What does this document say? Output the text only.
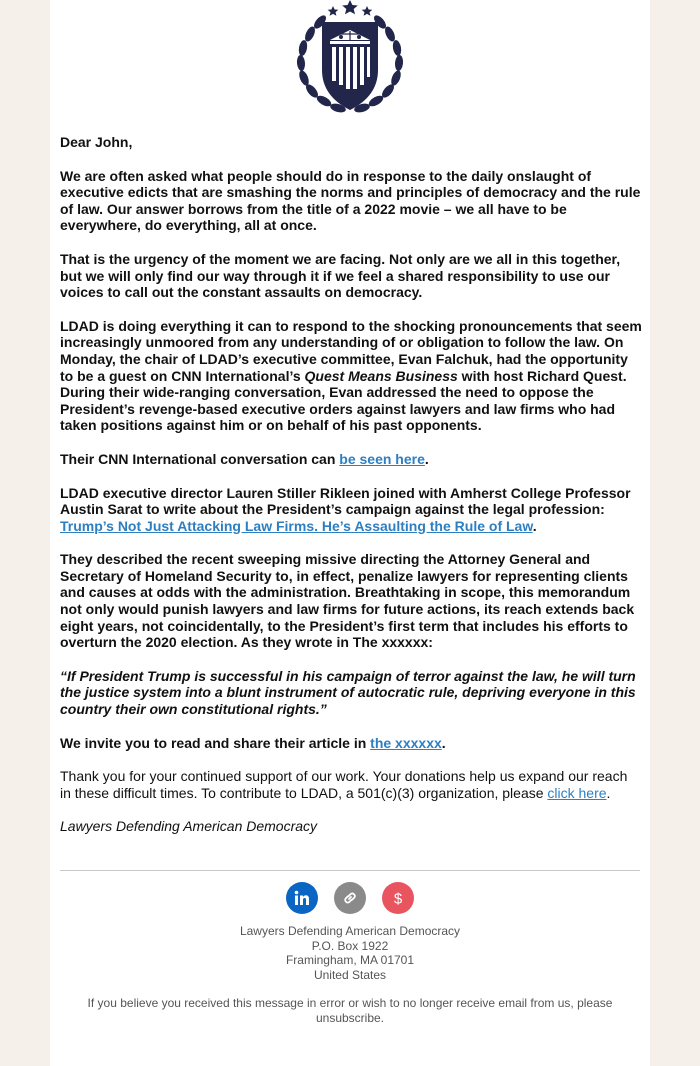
Dear John,

We are often asked what people should do in response to the daily onslaught of executive edicts that are smashing the norms and principles of democracy and the rule of law. Our answer borrows from the title of a 2022 movie – we all have to be everywhere, do everything, all at once.

That is the urgency of the moment we are facing. Not only are we all in this together, but we will only find our way through it if we feel a shared responsibility to use our voices to call out the constant assaults on democracy.

LDAD is doing everything it can to respond to the shocking pronouncements that seem increasingly unmoored from any understanding of or obligation to follow the law. On Monday, the chair of LDAD’s executive committee, Evan Falchuk, had the opportunity to be a guest on CNN International’s Quest Means Business with host Richard Quest. During their wide-ranging conversation, Evan addressed the need to oppose the President’s revenge-based executive orders against lawyers and law firms who had taken positions against him or on behalf of his past opponents.

Their CNN International conversation can be seen here.

LDAD executive director Lauren Stiller Rikleen joined with Amherst College Professor Austin Sarat to write about the President’s campaign against the legal profession: Trump’s Not Just Attacking Law Firms. He’s Assaulting the Rule of Law.

They described the recent sweeping missive directing the Attorney General and Secretary of Homeland Security to, in effect, penalize lawyers for representing clients and causes at odds with the administration. Breathtaking in scope, this memorandum not only would punish lawyers and law firms for future actions, its reach extends back eight years, not coincidentally, to the President’s first term that includes his efforts to overturn the 2020 election. As they wrote in The xxxxxx:

“If President Trump is successful in his campaign of terror against the law, he will turn the justice system into a blunt instrument of autocratic rule, depriving everyone in this country their own constitutional rights.”

We invite you to read and share their article in the xxxxxx.

Thank you for your continued support of our work. Your donations help us expand our reach in these difficult times. To contribute to LDAD, a 501(c)(3) organization, please click here.

Lawyers Defending American Democracy

$
Lawyers Defending American Democracy
P.O. Box 1922
Framingham, MA 01701
United States
If you believe you received this message in error or wish to no longer receive email from us, please unsubscribe.
